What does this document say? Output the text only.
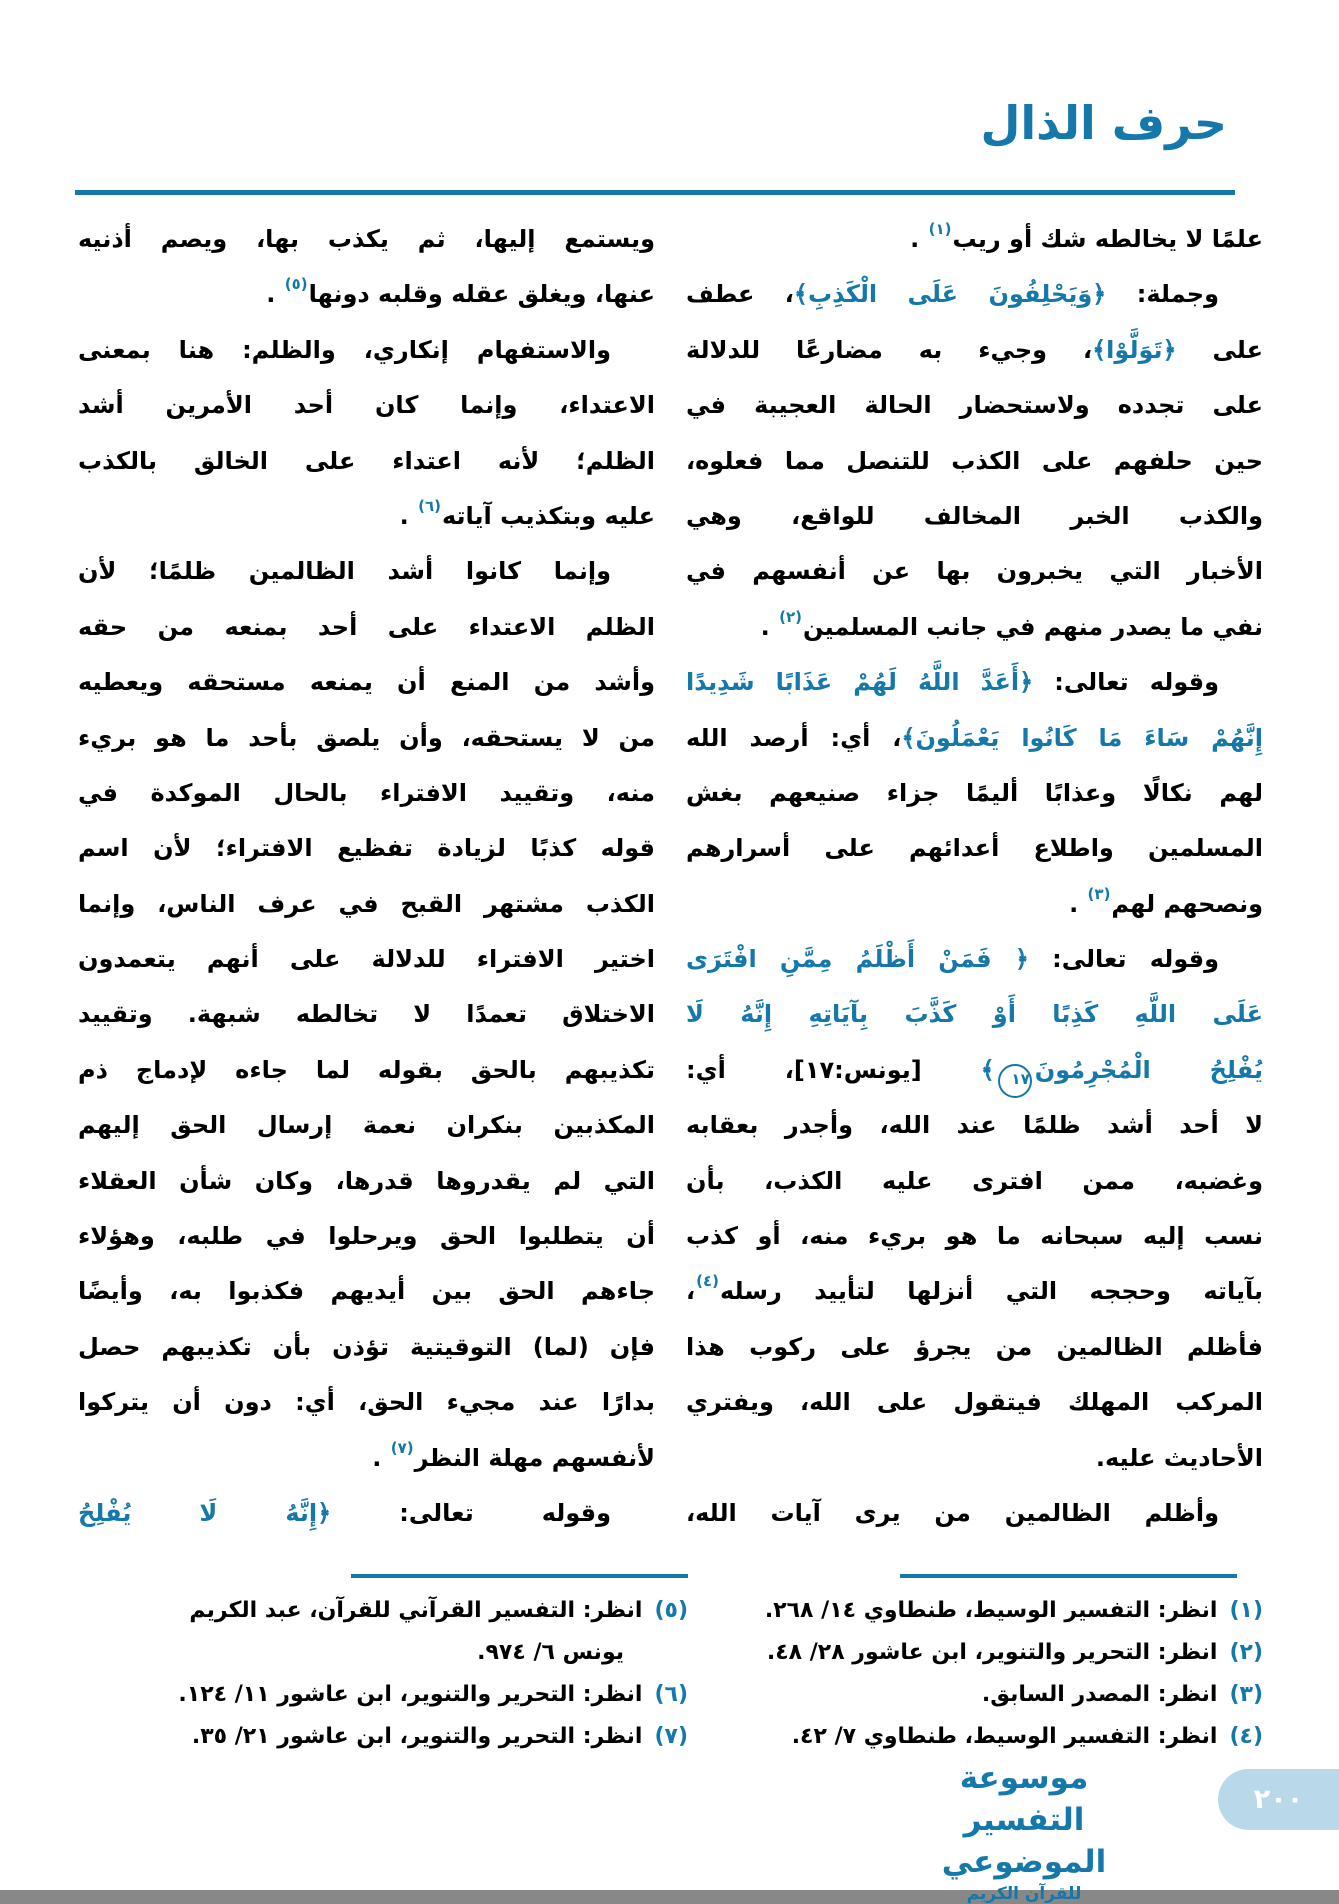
حرف الذال
علمًا لا يخالطه شك أو ريب$^{(١)}$ .
وجملة: ﴿وَيَحْلِفُونَ عَلَى الْكَذِبِ﴾، عطف
على ﴿تَوَلَّوْا﴾، وجيء به مضارعًا للدلالة
على تجدده ولاستحضار الحالة العجيبة في
حين حلفهم على الكذب للتنصل مما فعلوه،
والكذب الخبر المخالف للواقع، وهي
الأخبار التي يخبرون بها عن أنفسهم في
نفي ما يصدر منهم في جانب المسلمين$^{(٢)}$ .
وقوله تعالى: ﴿أَعَدَّ اللَّهُ لَهُمْ عَذَابًا شَدِيدًا
إِنَّهُمْ سَاءَ مَا كَانُوا يَعْمَلُونَ﴾، أي: أرصد الله
لهم نكالًا وعذابًا أليمًا جزاء صنيعهم بغش
المسلمين واطلاع أعدائهم على أسرارهم
ونصحهم لهم$^{(٣)}$ .
وقوله تعالى: ﴿ فَمَنْ أَظْلَمُ مِمَّنِ افْتَرَى
عَلَى اللَّهِ كَذِبًا أَوْ كَذَّبَ بِآيَاتِهِ إِنَّهُ لَا
يُفْلِحُ الْمُجْرِمُونَ١٧﴾ [يونس:١٧]، أي:
لا أحد أشد ظلمًا عند الله، وأجدر بعقابه
وغضبه، ممن افترى عليه الكذب، بأن
نسب إليه سبحانه ما هو بريء منه، أو كذب
بآياته وحججه التي أنزلها لتأييد رسله$^{(٤)}$،
فأظلم الظالمين من يجرؤ على ركوب هذا
المركب المهلك فيتقول على الله، ويفتري
الأحاديث عليه.
وأظلم الظالمين من يرى آيات الله،
ويستمع إليها، ثم يكذب بها، ويصم أذنيه
عنها، ويغلق عقله وقلبه دونها$^{(٥)}$ .
والاستفهام إنكاري، والظلم: هنا بمعنى
الاعتداء، وإنما كان أحد الأمرين أشد
الظلم؛ لأنه اعتداء على الخالق بالكذب
عليه وبتكذيب آياته$^{(٦)}$ .
وإنما كانوا أشد الظالمين ظلمًا؛ لأن
الظلم الاعتداء على أحد بمنعه من حقه
وأشد من المنع أن يمنعه مستحقه ويعطيه
من لا يستحقه، وأن يلصق بأحد ما هو بريء
منه، وتقييد الافتراء بالحال الموكدة في
قوله كذبًا لزيادة تفظيع الافتراء؛ لأن اسم
الكذب مشتهر القبح في عرف الناس، وإنما
اختير الافتراء للدلالة على أنهم يتعمدون
الاختلاق تعمدًا لا تخالطه شبهة. وتقييد
تكذيبهم بالحق بقوله لما جاءه لإدماج ذم
المكذبين بنكران نعمة إرسال الحق إليهم
التي لم يقدروها قدرها، وكان شأن العقلاء
أن يتطلبوا الحق ويرحلوا في طلبه، وهؤلاء
جاءهم الحق بين أيديهم فكذبوا به، وأيضًا
فإن (لما) التوقيتية تؤذن بأن تكذيبهم حصل
بدارًا عند مجيء الحق، أي: دون أن يتركوا
لأنفسهم مهلة النظر$^{(٧)}$ .
وقوله تعالى: ﴿إِنَّهُ لَا يُفْلِحُ
(١)انظر: التفسير الوسيط، طنطاوي ١٤/ ٢٦٨.
(٢)انظر: التحرير والتنوير، ابن عاشور ٢٨/ ٤٨.
(٣)انظر: المصدر السابق.
(٤)انظر: التفسير الوسيط، طنطاوي ٧/ ٤٢.
(٥)انظر: التفسير القرآني للقرآن، عبد الكريم
يونس ٦/ ٩٧٤.
(٦)انظر: التحرير والتنوير، ابن عاشور ١١/ ١٢٤.
(٧)انظر: التحرير والتنوير، ابن عاشور ٢١/ ٣٥.
موسوعة التفسير الموضوعي
للقرآن الكريم
٢٠٠
